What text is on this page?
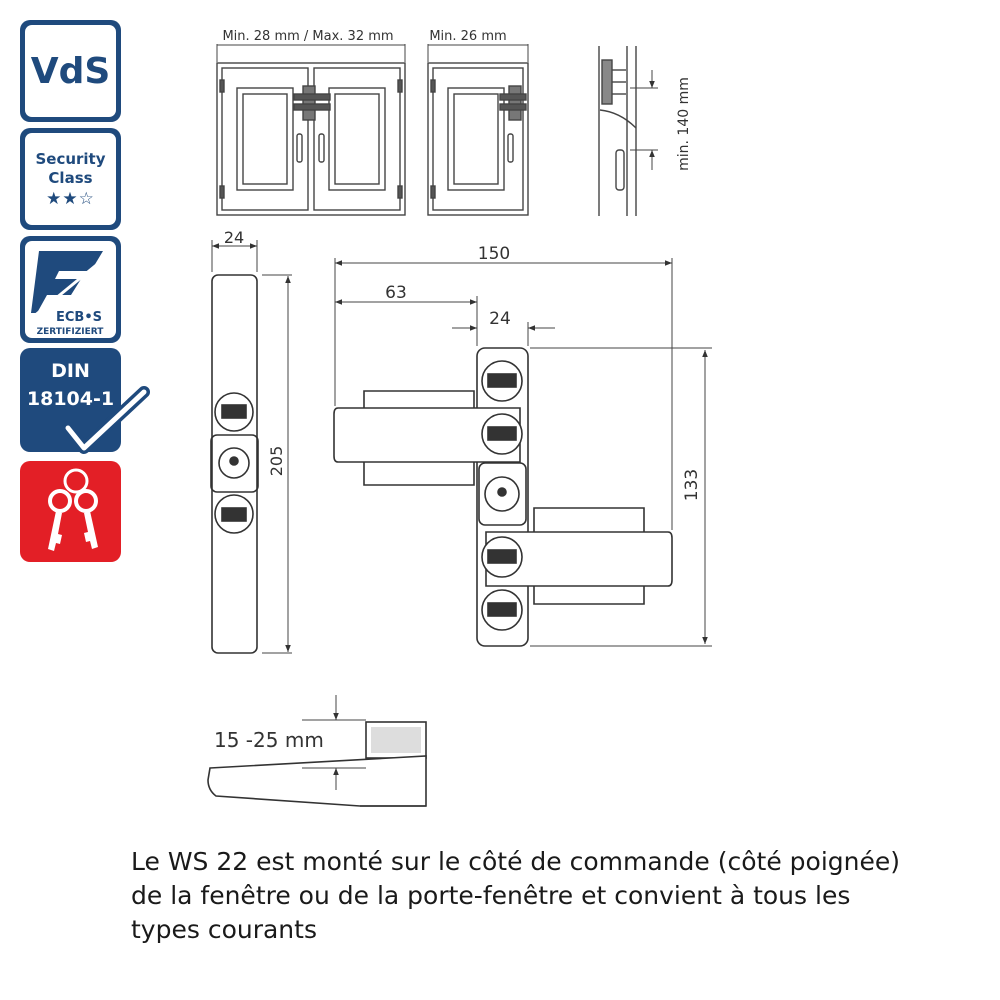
VdS
Security
Class
★★☆
ECB•S
ZERTIFIZIERT
DIN
18104-1
Min. 28 mm / Max. 32 mm	Min. 26 mm
min. 140 mm
24
205
150
63
24
133
15 -25 mm

Le WS 22 est monté sur le côté de commande (côté poignée) de la fenêtre ou de la porte-fenêtre et convient à tous les types courants
